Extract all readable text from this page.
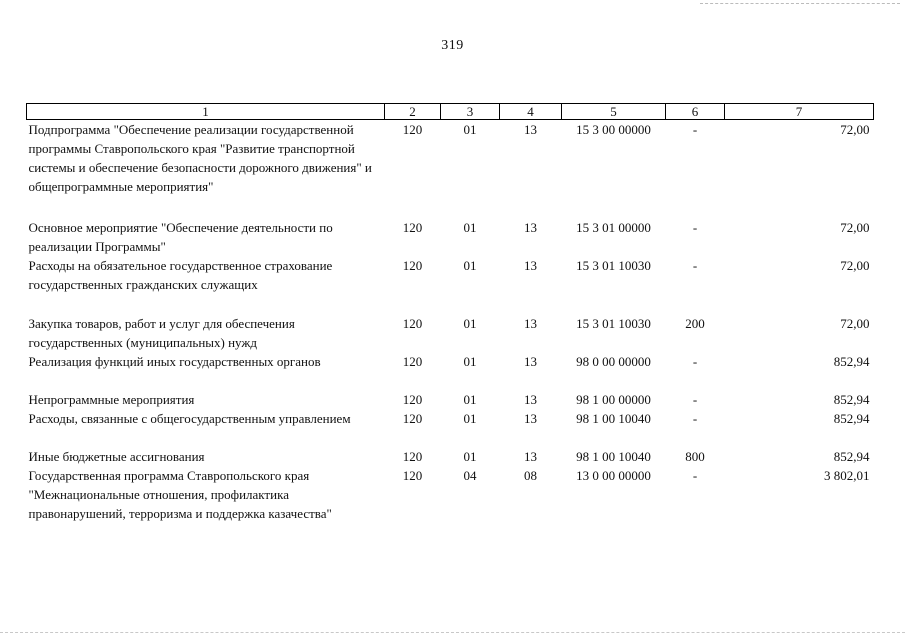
319
1	2	3	4	5	6	7
Подпрограмма "Обеспечение реализации государственной программы Ставропольского края "Развитие транспортной системы и обеспечение безопасности дорожного движения" и общепрограммные мероприятия"	120	01	13	15 3 00 00000	-	72,00
Основное мероприятие "Обеспечение деятельности по реализации Программы"	120	01	13	15 3 01 00000	-	72,00
Расходы на обязательное государственное страхование государственных гражданских служащих	120	01	13	15 3 01 10030	-	72,00
Закупка товаров, работ и услуг для обеспечения государственных (муниципальных) нужд	120	01	13	15 3 01 10030	200	72,00
Реализация функций иных государственных органов	120	01	13	98 0 00 00000	-	852,94
Непрограммные мероприятия	120	01	13	98 1 00 00000	-	852,94
Расходы, связанные с общегосударственным управлением	120	01	13	98 1 00 10040	-	852,94
Иные бюджетные ассигнования	120	01	13	98 1 00 10040	800	852,94
Государственная программа Ставропольского края "Межнациональные отношения, профилактика правонарушений, терроризма и поддержка казачества"	120	04	08	13 0 00 00000	-	3 802,01
